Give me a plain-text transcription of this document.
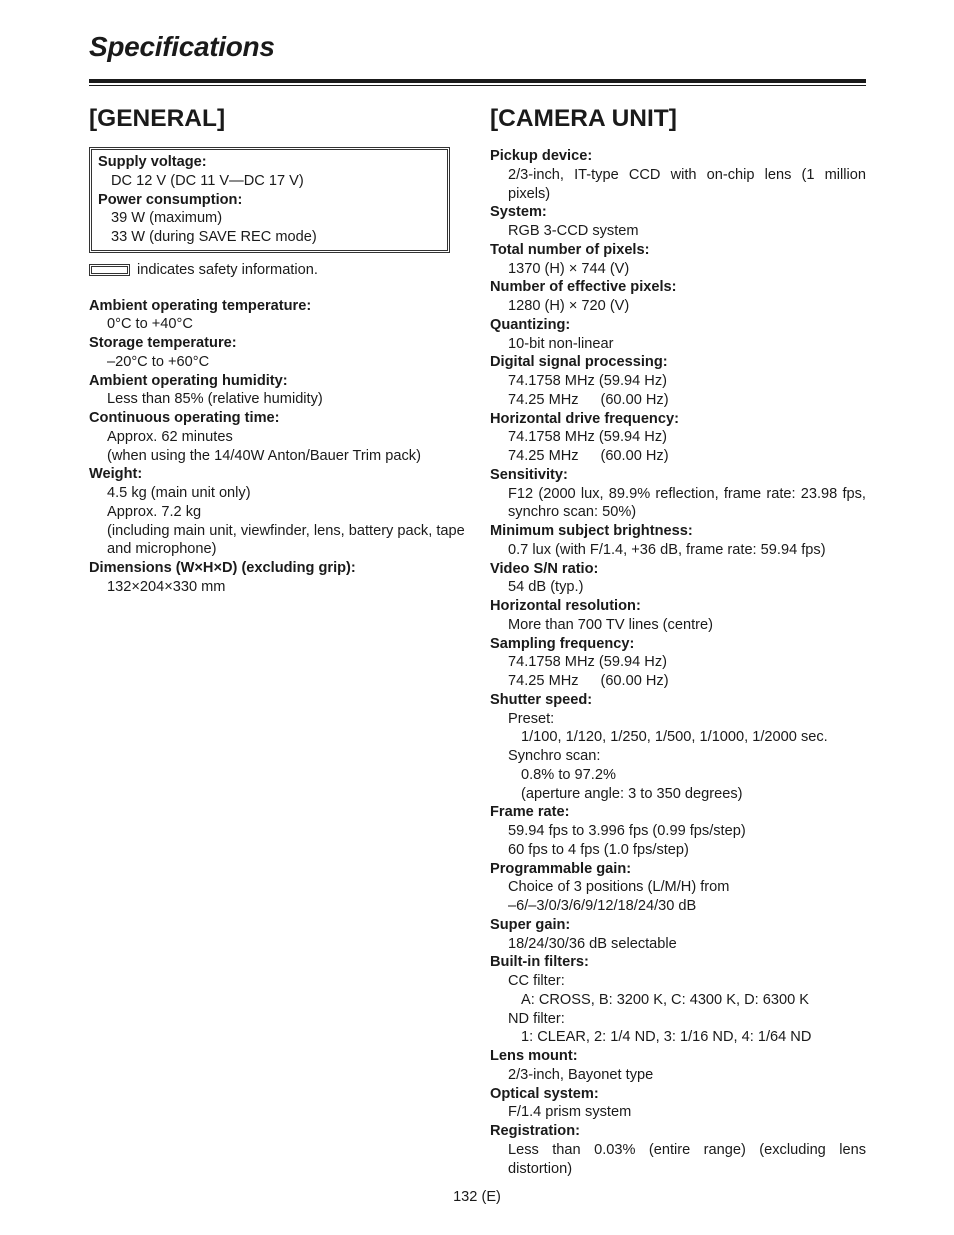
Specifications
[GENERAL]
Supply voltage:
DC 12 V (DC 11 V—DC 17 V)
Power consumption:
39 W (maximum)
33 W (during SAVE REC mode)
indicates safety information.
Ambient operating temperature:
0°C to +40°C
Storage temperature:
–20°C to +60°C
Ambient operating humidity:
Less than 85% (relative humidity)
Continuous operating time:
Approx. 62 minutes
(when using the 14/40W Anton/Bauer Trim pack)
Weight:
4.5 kg (main unit only)
Approx. 7.2 kg
(including main unit, viewfinder, lens, battery pack, tape and microphone)
Dimensions (W×H×D) (excluding grip):
132×204×330 mm
[CAMERA UNIT]
Pickup device:
2/3-inch, IT-type CCD with on-chip lens (1 million pixels)
System:
RGB 3-CCD system
Total number of pixels:
1370 (H) × 744 (V)
Number of effective pixels:
1280 (H) × 720 (V)
Quantizing:
10-bit non-linear
Digital signal processing:
74.1758 MHz (59.94 Hz)
74.25 MHz  (60.00 Hz)
Horizontal drive frequency:
74.1758 MHz (59.94 Hz)
74.25 MHz  (60.00 Hz)
Sensitivity:
F12 (2000 lux, 89.9% reflection, frame rate: 23.98 fps, synchro scan: 50%)
Minimum subject brightness:
0.7 lux (with F/1.4, +36 dB, frame rate: 59.94 fps)
Video S/N ratio:
54 dB (typ.)
Horizontal resolution:
More than 700 TV lines (centre)
Sampling frequency:
74.1758 MHz (59.94 Hz)
74.25 MHz  (60.00 Hz)
Shutter speed:
Preset:
1/100, 1/120, 1/250, 1/500, 1/1000, 1/2000 sec.
Synchro scan:
0.8% to 97.2%
(aperture angle: 3 to 350 degrees)
Frame rate:
59.94 fps to 3.996 fps (0.99 fps/step)
60 fps to 4 fps (1.0 fps/step)
Programmable gain:
Choice of 3 positions (L/M/H) from
–6/–3/0/3/6/9/12/18/24/30 dB
Super gain:
18/24/30/36 dB selectable
Built-in filters:
CC filter:
A: CROSS, B: 3200 K, C: 4300 K, D: 6300 K
ND filter:
1: CLEAR, 2: 1/4 ND, 3: 1/16 ND, 4: 1/64 ND
Lens mount:
2/3-inch, Bayonet type
Optical system:
F/1.4 prism system
Registration:
Less than 0.03% (entire range) (excluding lens distortion)
132 (E)
